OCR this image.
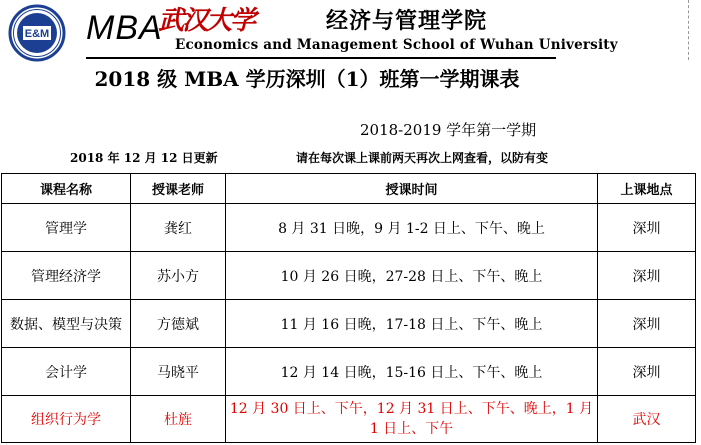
E&M MBA
武汉大学	经济与管理学院
Economics and Management School of Wuhan University
2018 级 MBA 学历深圳（1）班第一学期课表
2018-2019 学年第一学期
2018 年 12 月 12 日更新	请在每次课上课前两天再次上网查看，以防有变
课程名称	授课老师	授课时间	上课地点
管理学	龚红	8 月 31 日晚，9 月 1-2 日上、下午、晚上	深圳
管理经济学	苏小方	10 月 26 日晚，27-28 日上、下午、晚上	深圳
数据、模型与决策	方德斌	11 月 16 日晚，17-18 日上、下午、晚上	深圳
会计学	马晓平	12 月 14 日晚，15-16 日上、下午、晚上	深圳
组织行为学	杜旌	12 月 30 日上、下午，12 月 31 日上、下午、晚上，1 月 1 日上、下午	武汉
